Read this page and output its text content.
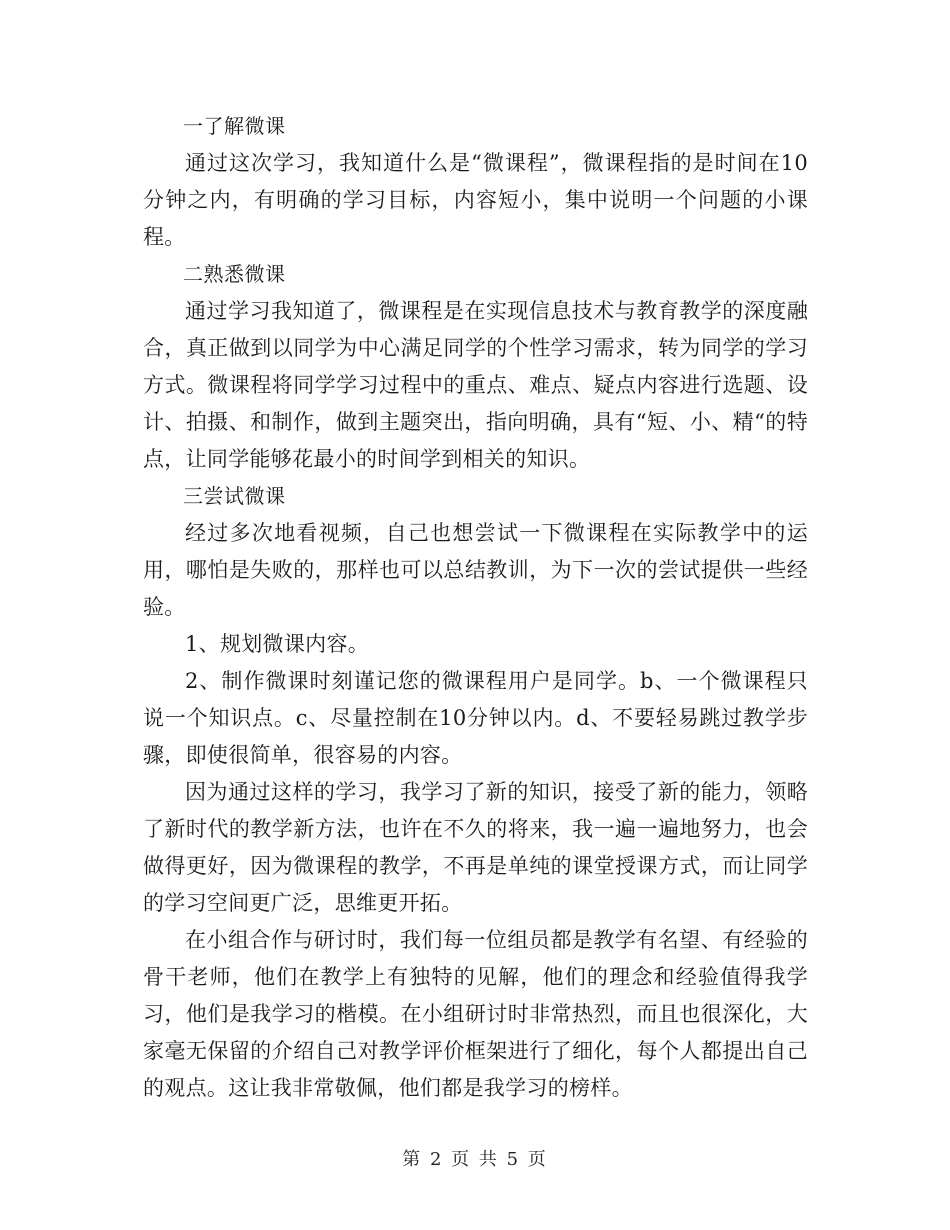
一了解微课

通过这次学习，我知道什么是“微课程”，微课程指的是时间在10分钟之内，有明确的学习目标，内容短小，集中说明一个问题的小课程。

二熟悉微课

通过学习我知道了，微课程是在实现信息技术与教育教学的深度融合，真正做到以同学为中心满足同学的个性学习需求，转为同学的学习方式。微课程将同学学习过程中的重点、难点、疑点内容进行选题、设计、拍摄、和制作，做到主题突出，指向明确，具有“短、小、精“的特点，让同学能够花最小的时间学到相关的知识。

三尝试微课

经过多次地看视频，自己也想尝试一下微课程在实际教学中的运用，哪怕是失败的，那样也可以总结教训，为下一次的尝试提供一些经验。

1、规划微课内容。

2、制作微课时刻谨记您的微课程用户是同学。b、一个微课程只说一个知识点。c、尽量控制在10分钟以内。d、不要轻易跳过教学步骤，即使很简单，很容易的内容。

因为通过这样的学习，我学习了新的知识，接受了新的能力，领略了新时代的教学新方法，也许在不久的将来，我一遍一遍地努力，也会做得更好，因为微课程的教学，不再是单纯的课堂授课方式，而让同学的学习空间更广泛，思维更开拓。

在小组合作与研讨时，我们每一位组员都是教学有名望、有经验的骨干老师，他们在教学上有独特的见解，他们的理念和经验值得我学习，他们是我学习的楷模。在小组研讨时非常热烈，而且也很深化，大家毫无保留的介绍自己对教学评价框架进行了细化，每个人都提出自己的观点。这让我非常敬佩，他们都是我学习的榜样。

第 2 页 共 5 页
